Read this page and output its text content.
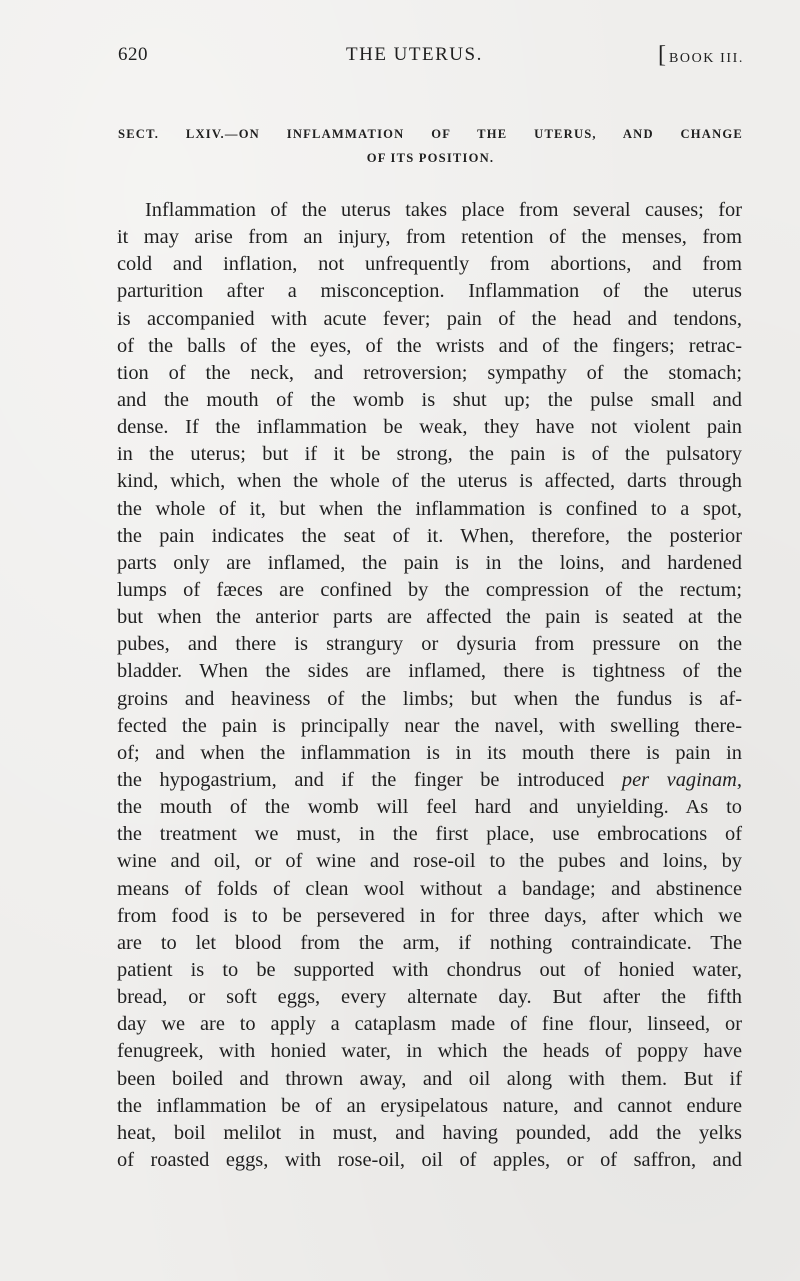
620	THE UTERUS.	[ BOOK III.
SECT. LXIV.—ON INFLAMMATION OF THE UTERUS, AND CHANGE
OF ITS POSITION.
Inflammation of the uterus takes place from several causes; for
it may arise from an injury, from retention of the menses, from
cold and inflation, not unfrequently from abortions, and from
parturition after a misconception. Inflammation of the uterus
is accompanied with acute fever; pain of the head and tendons,
of the balls of the eyes, of the wrists and of the fingers; retrac-
tion of the neck, and retroversion; sympathy of the stomach;
and the mouth of the womb is shut up; the pulse small and
dense. If the inflammation be weak, they have not violent pain
in the uterus; but if it be strong, the pain is of the pulsatory
kind, which, when the whole of the uterus is affected, darts through
the whole of it, but when the inflammation is confined to a spot,
the pain indicates the seat of it. When, therefore, the posterior
parts only are inflamed, the pain is in the loins, and hardened
lumps of fæces are confined by the compression of the rectum;
but when the anterior parts are affected the pain is seated at the
pubes, and there is strangury or dysuria from pressure on the
bladder. When the sides are inflamed, there is tightness of the
groins and heaviness of the limbs; but when the fundus is af-
fected the pain is principally near the navel, with swelling there-
of; and when the inflammation is in its mouth there is pain in
the hypogastrium, and if the finger be introduced per vaginam,
the mouth of the womb will feel hard and unyielding. As to
the treatment we must, in the first place, use embrocations of
wine and oil, or of wine and rose-oil to the pubes and loins, by
means of folds of clean wool without a bandage; and abstinence
from food is to be persevered in for three days, after which we
are to let blood from the arm, if nothing contraindicate. The
patient is to be supported with chondrus out of honied water,
bread, or soft eggs, every alternate day. But after the fifth
day we are to apply a cataplasm made of fine flour, linseed, or
fenugreek, with honied water, in which the heads of poppy have
been boiled and thrown away, and oil along with them. But if
the inflammation be of an erysipelatous nature, and cannot endure
heat, boil melilot in must, and having pounded, add the yelks
of roasted eggs, with rose-oil, oil of apples, or of saffron, and
